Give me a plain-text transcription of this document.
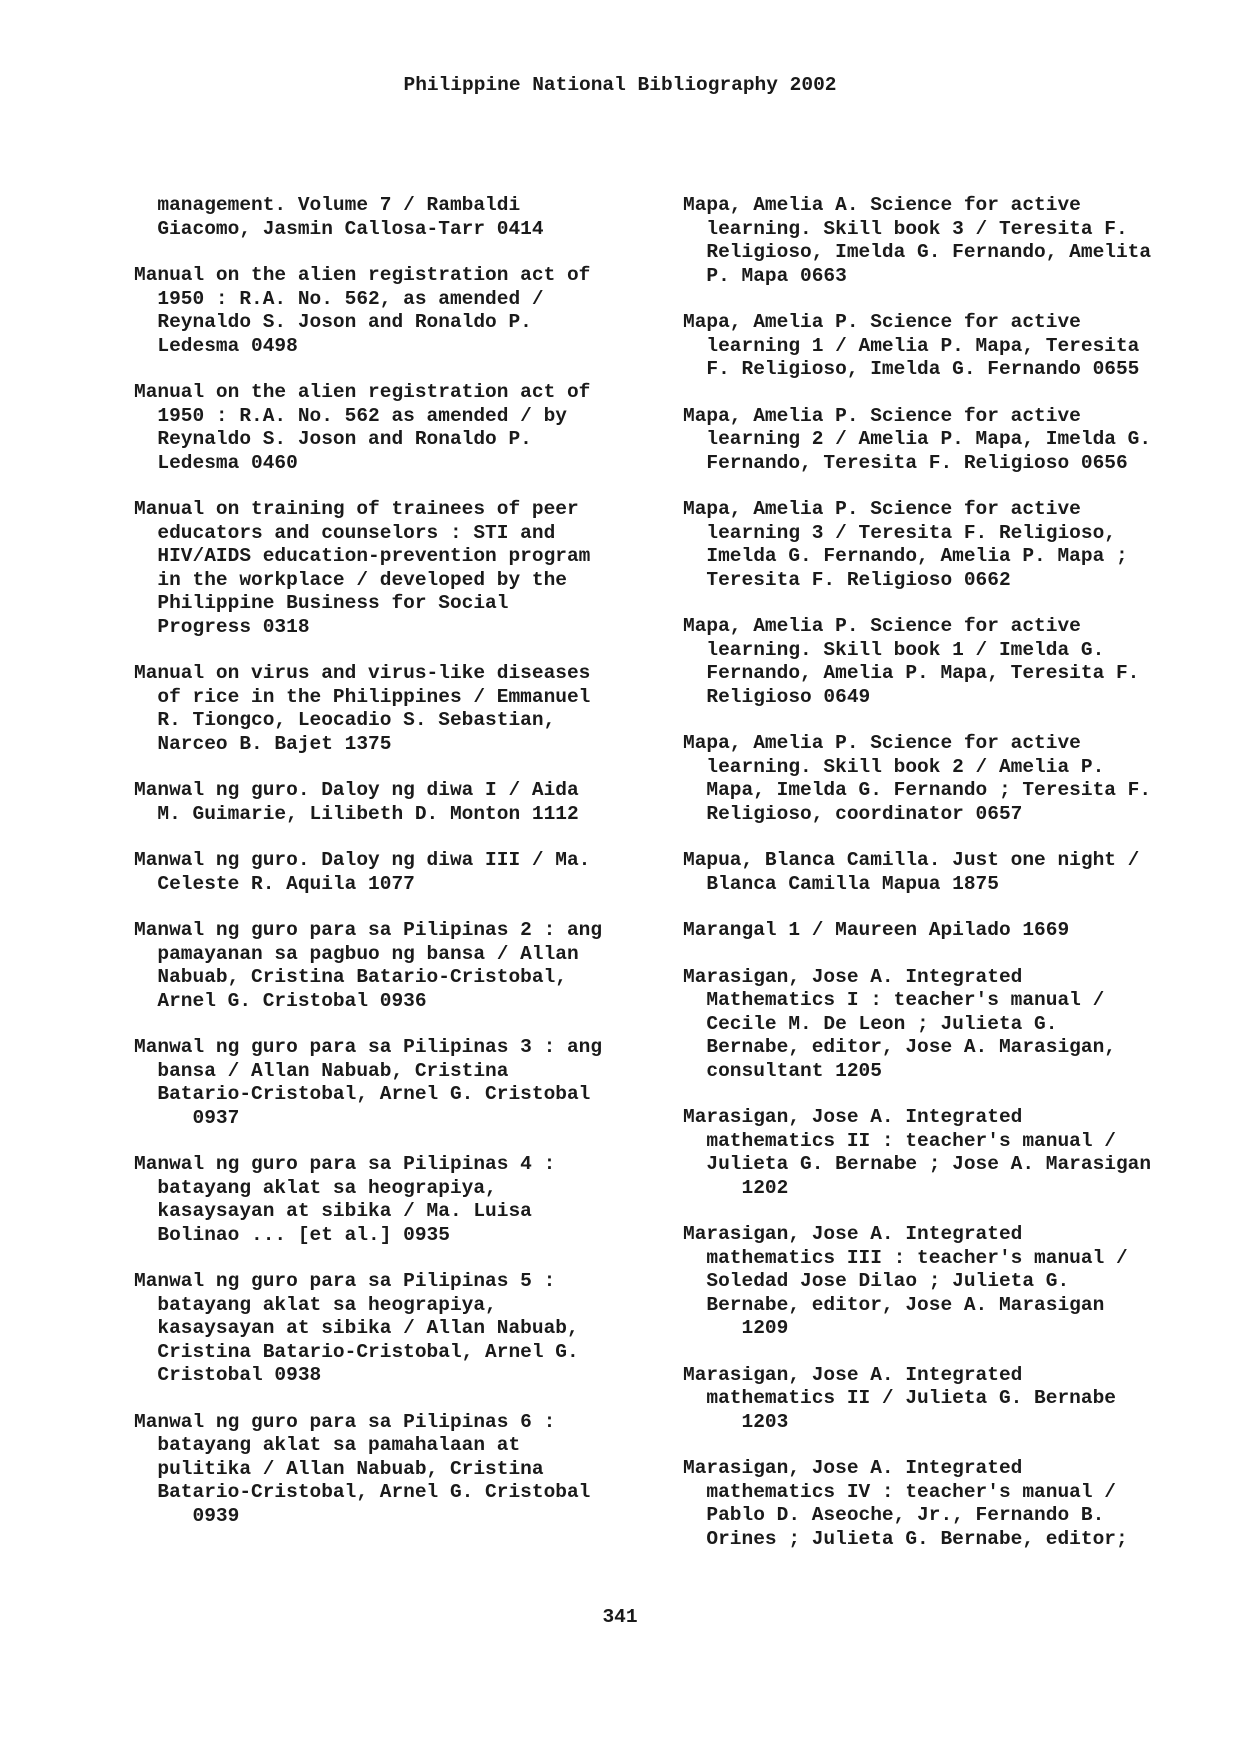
Philippine National Bibliography 2002
management. Volume 7 / Rambaldi
Giacomo, Jasmin Callosa-Tarr 0414
Manual on the alien registration act of
1950 : R.A. No. 562, as amended /
Reynaldo S. Joson and Ronaldo P.
Ledesma 0498
Manual on the alien registration act of
1950 : R.A. No. 562 as amended / by
Reynaldo S. Joson and Ronaldo P.
Ledesma 0460
Manual on training of trainees of peer
educators and counselors : STI and
HIV/AIDS education-prevention program
in the workplace / developed by the
Philippine Business for Social
Progress 0318
Manual on virus and virus-like diseases
of rice in the Philippines / Emmanuel
R. Tiongco, Leocadio S. Sebastian,
Narceo B. Bajet 1375
Manwal ng guro. Daloy ng diwa I / Aida
M. Guimarie, Lilibeth D. Monton 1112
Manwal ng guro. Daloy ng diwa III / Ma.
Celeste R. Aquila 1077
Manwal ng guro para sa Pilipinas 2 : ang
pamayanan sa pagbuo ng bansa / Allan
Nabuab, Cristina Batario-Cristobal,
Arnel G. Cristobal 0936
Manwal ng guro para sa Pilipinas 3 : ang
bansa / Allan Nabuab, Cristina
Batario-Cristobal, Arnel G. Cristobal
0937
Manwal ng guro para sa Pilipinas 4 :
batayang aklat sa heograpiya,
kasaysayan at sibika / Ma. Luisa
Bolinao ... [et al.] 0935
Manwal ng guro para sa Pilipinas 5 :
batayang aklat sa heograpiya,
kasaysayan at sibika / Allan Nabuab,
Cristina Batario-Cristobal, Arnel G.
Cristobal 0938
Manwal ng guro para sa Pilipinas 6 :
batayang aklat sa pamahalaan at
pulitika / Allan Nabuab, Cristina
Batario-Cristobal, Arnel G. Cristobal
0939
Mapa, Amelia A. Science for active
learning. Skill book 3 / Teresita F.
Religioso, Imelda G. Fernando, Amelita
P. Mapa 0663
Mapa, Amelia P. Science for active
learning 1 / Amelia P. Mapa, Teresita
F. Religioso, Imelda G. Fernando 0655
Mapa, Amelia P. Science for active
learning 2 / Amelia P. Mapa, Imelda G.
Fernando, Teresita F. Religioso 0656
Mapa, Amelia P. Science for active
learning 3 / Teresita F. Religioso,
Imelda G. Fernando, Amelia P. Mapa ;
Teresita F. Religioso 0662
Mapa, Amelia P. Science for active
learning. Skill book 1 / Imelda G.
Fernando, Amelia P. Mapa, Teresita F.
Religioso 0649
Mapa, Amelia P. Science for active
learning. Skill book 2 / Amelia P.
Mapa, Imelda G. Fernando ; Teresita F.
Religioso, coordinator 0657
Mapua, Blanca Camilla. Just one night /
Blanca Camilla Mapua 1875
Marangal 1 / Maureen Apilado 1669
Marasigan, Jose A. Integrated
Mathematics I : teacher's manual /
Cecile M. De Leon ; Julieta G.
Bernabe, editor, Jose A. Marasigan,
consultant 1205
Marasigan, Jose A. Integrated
mathematics II : teacher's manual /
Julieta G. Bernabe ; Jose A. Marasigan
1202
Marasigan, Jose A. Integrated
mathematics III : teacher's manual /
Soledad Jose Dilao ; Julieta G.
Bernabe, editor, Jose A. Marasigan
1209
Marasigan, Jose A. Integrated
mathematics II / Julieta G. Bernabe
1203
Marasigan, Jose A. Integrated
mathematics IV : teacher's manual /
Pablo D. Aseoche, Jr., Fernando B.
Orines ; Julieta G. Bernabe, editor;
341
